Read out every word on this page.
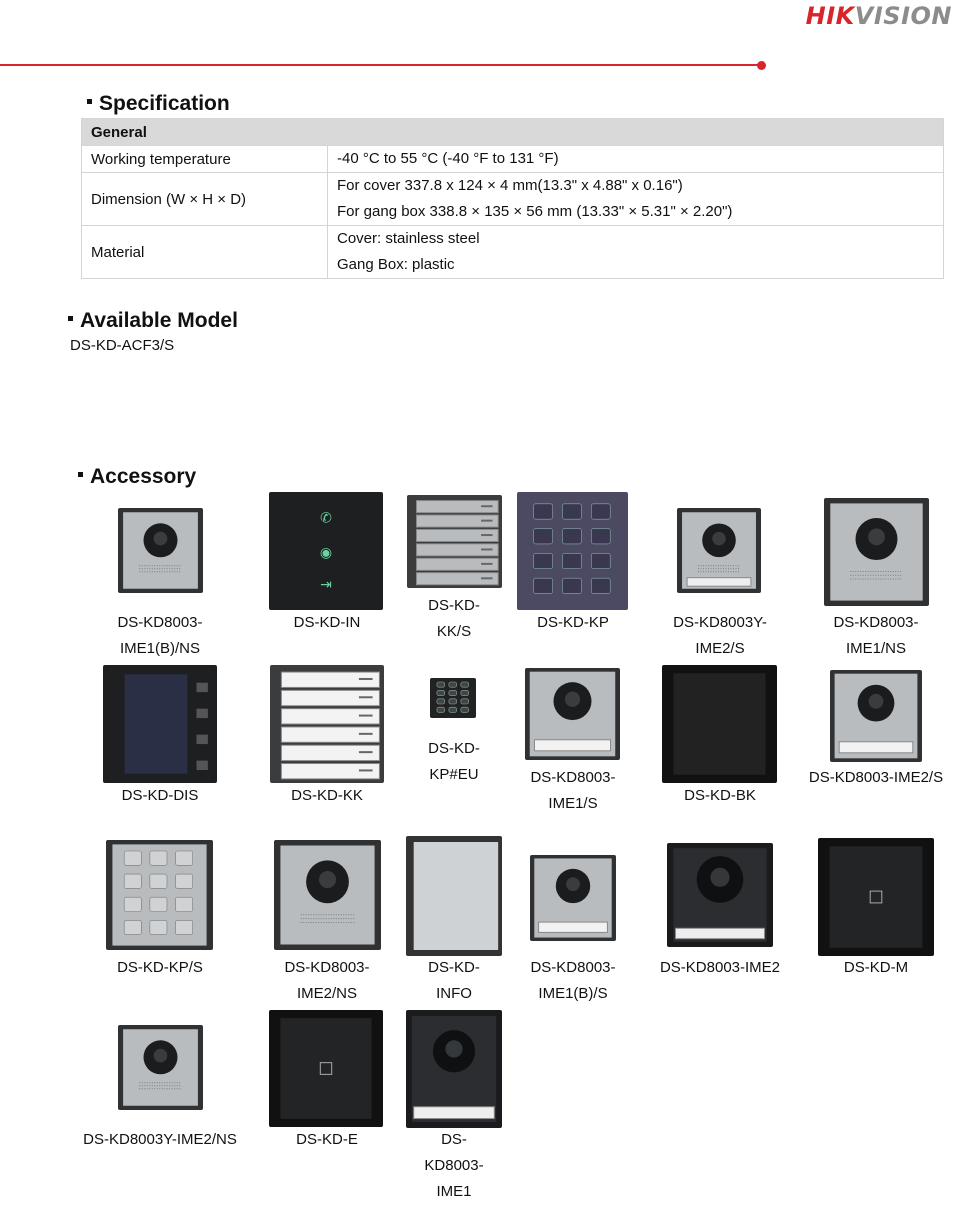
HIKVISION
Specification
General	
Working temperature	-40 °C to 55 °C (-40 °F to 131 °F)

Dimension (W × H × D)	For cover 337.8 x 124 × 4 mm(13.3" x 4.88" x 0.16")
For gang box 338.8 × 135 × 56 mm (13.33" × 5.31" × 2.20")

Material	Cover: stainless steel
Gang Box: plastic
Available Model
DS-KD-ACF3/S
Accessory
DS-KD8003-
IME1(B)/NS
✆
◉
⇥
DS-KD-IN
DS-KD-
KK/S
DS-KD-KP	DS-KD8003Y-
IME2/S
DS-KD8003-
IME1/NS
DS-KD-DIS	DS-KD-KK
DS-KD-
KP#EU	DS-KD8003-
IME1/S	DS-KD-BK
DS-KD8003-IME2/S
DS-KD-KP/S	DS-KD8003-
IME2/NS
DS-KD-
INFO
DS-KD8003-
IME1(B)/S
DS-KD8003-IME2	DS-KD-M
DS-KD8003Y-IME2/NS	DS-KD-E	DS-
KD8003-
IME1
